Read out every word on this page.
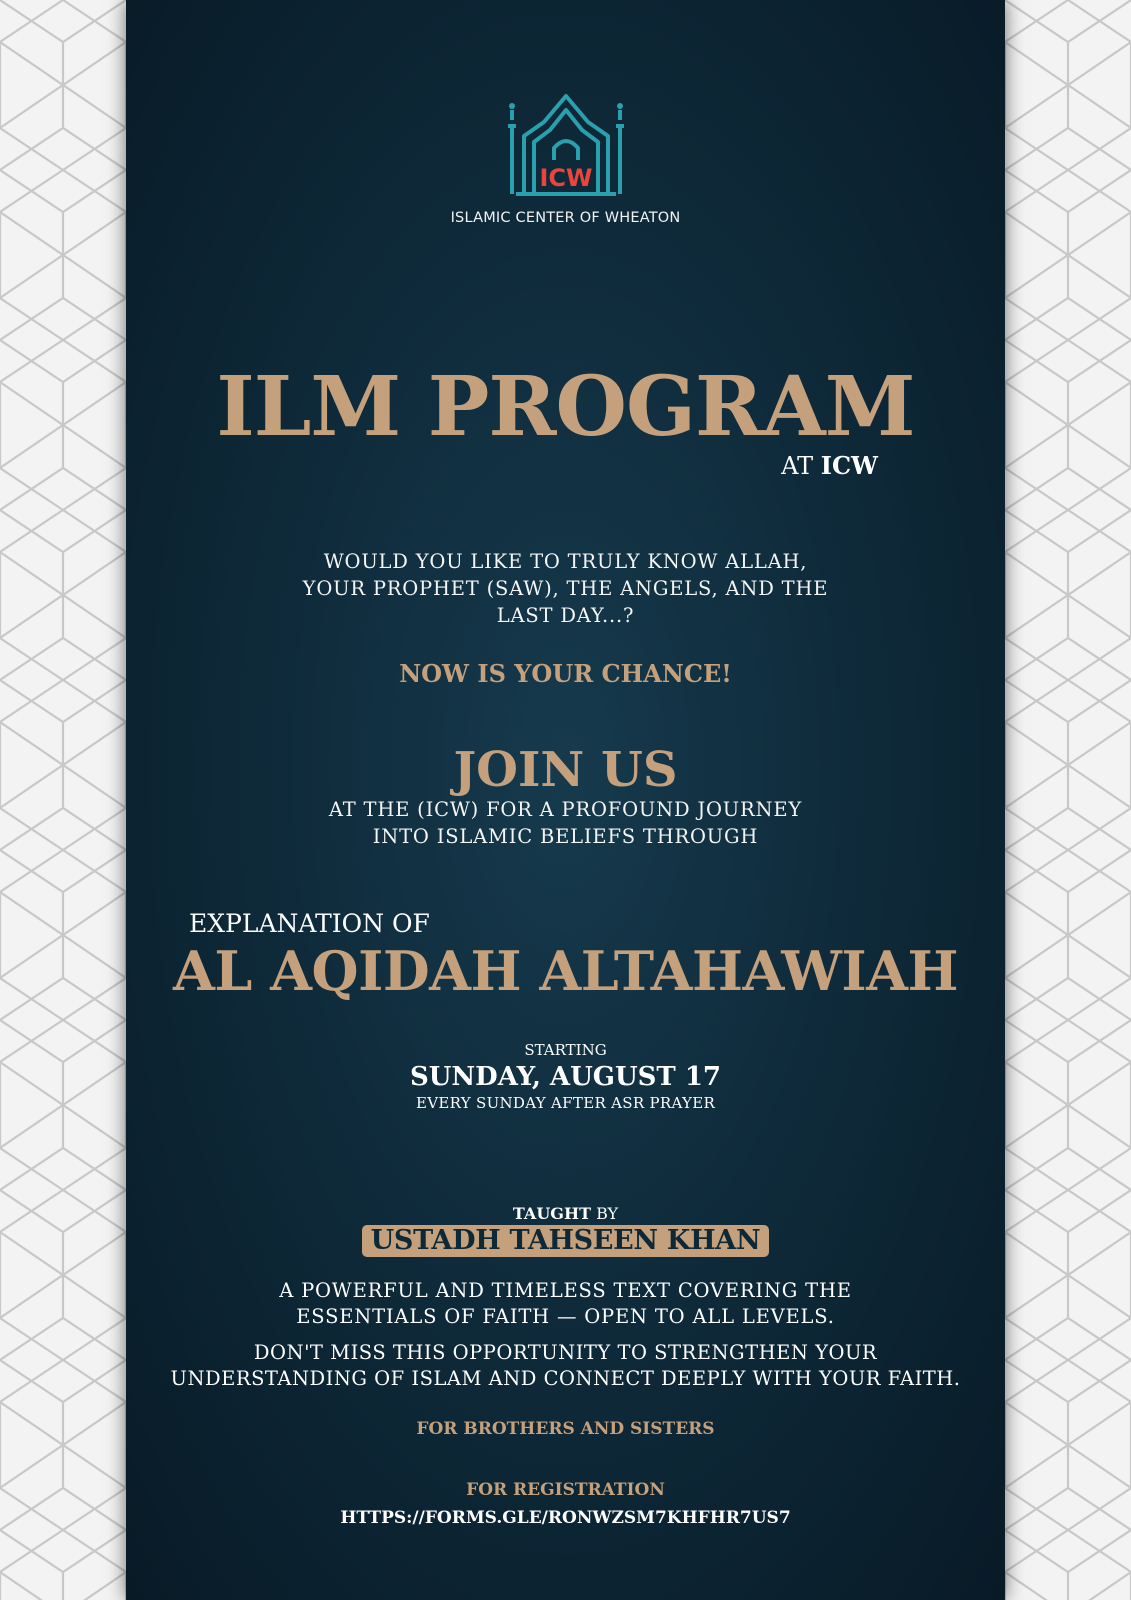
ICW
ISLAMIC CENTER OF WHEATON
ILM PROGRAM
AT ICW
WOULD YOU LIKE TO TRULY KNOW ALLAH,
YOUR PROPHET (SAW), THE ANGELS, AND THE
LAST DAY...?
NOW IS YOUR CHANCE!
JOIN US
AT THE (ICW) FOR A PROFOUND JOURNEY
INTO ISLAMIC BELIEFS THROUGH
EXPLANATION OF
AL AQIDAH ALTAHAWIAH
STARTING
SUNDAY, AUGUST 17
EVERY SUNDAY AFTER ASR PRAYER
TAUGHT BY
USTADH TAHSEEN KHAN
A POWERFUL AND TIMELESS TEXT COVERING THE
ESSENTIALS OF FAITH — OPEN TO ALL LEVELS.
DON'T MISS THIS OPPORTUNITY TO STRENGTHEN YOUR
UNDERSTANDING OF ISLAM AND CONNECT DEEPLY WITH YOUR FAITH.
FOR BROTHERS AND SISTERS
FOR REGISTRATION
HTTPS://FORMS.GLE/RONWZSM7KHFHR7US7
